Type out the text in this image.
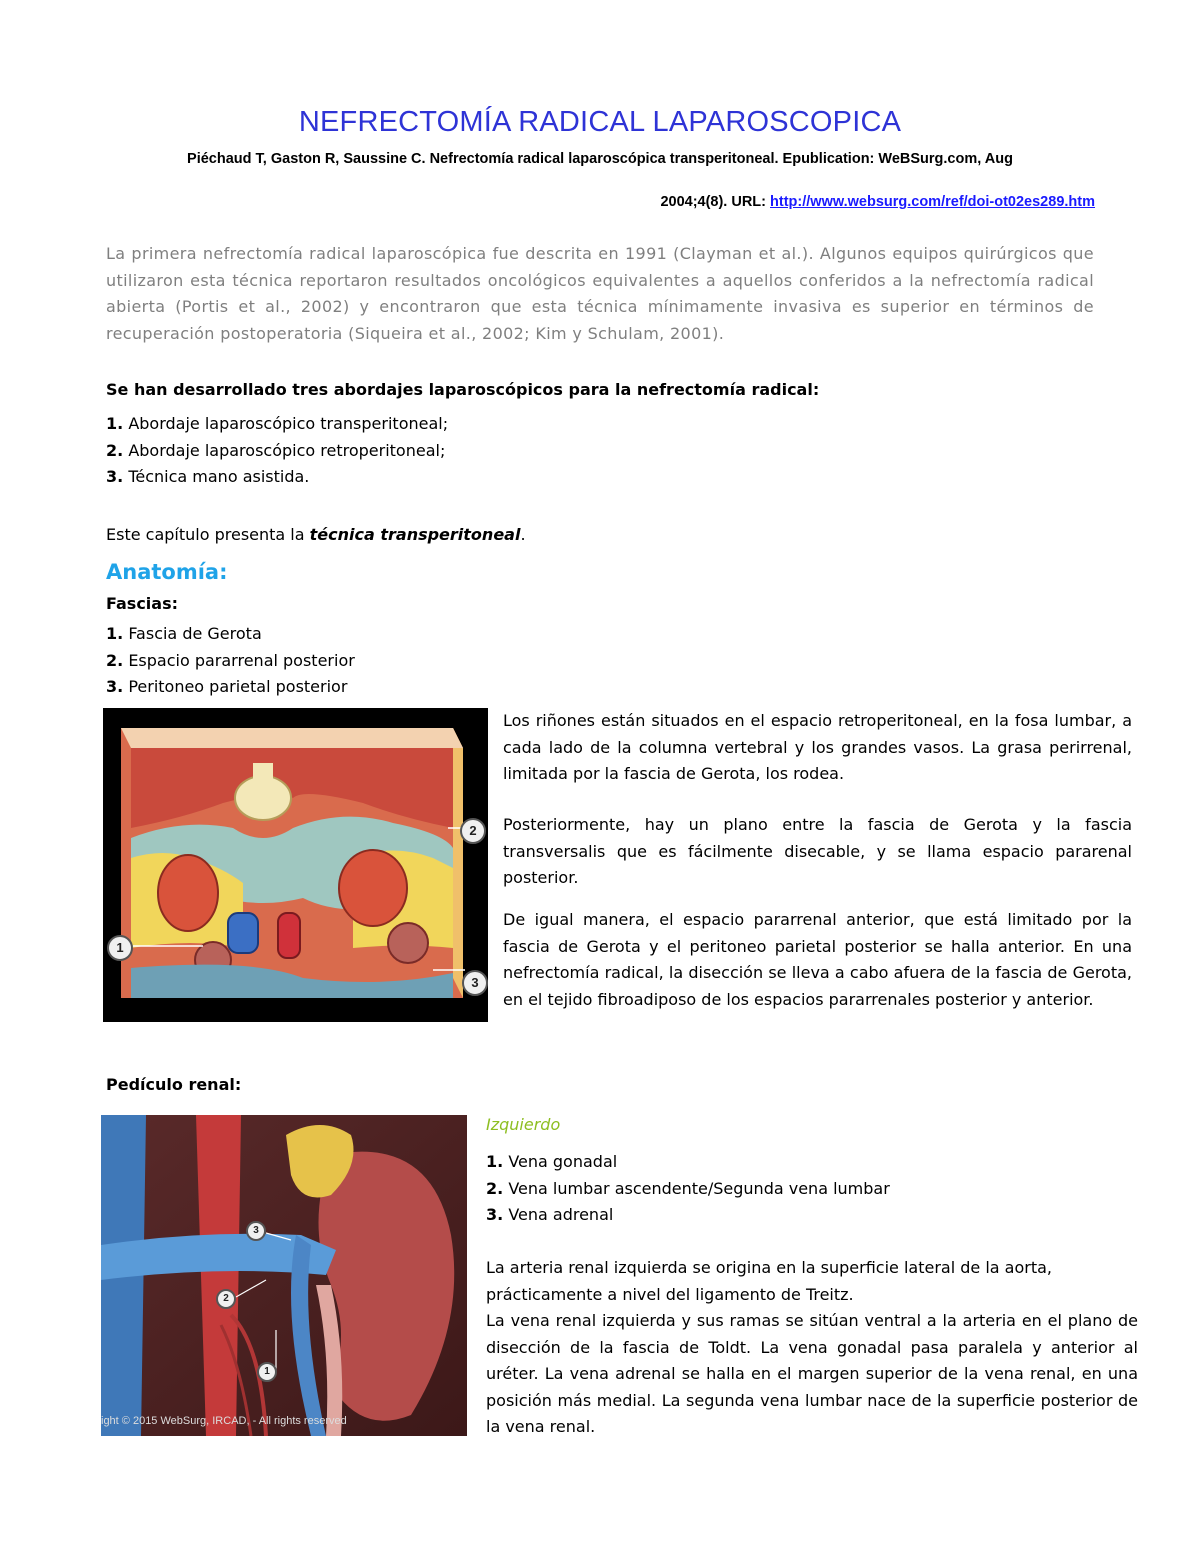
NEFRECTOMÍA RADICAL LAPAROSCOPICA
Piéchaud T, Gaston R, Saussine C. Nefrectomía radical laparoscópica transperitoneal. Epublication: WeBSurg.com, Aug
2004;4(8). URL: http://www.websurg.com/ref/doi-ot02es289.htm
La primera nefrectomía radical laparoscópica fue descrita en 1991 (Clayman et al.). Algunos equipos quirúrgicos que utilizaron esta técnica reportaron resultados oncológicos equivalentes a aquellos conferidos a la nefrectomía radical abierta (Portis et al., 2002) y encontraron que esta técnica mínimamente invasiva es superior en términos de recuperación postoperatoria (Siqueira et al., 2002; Kim y Schulam, 2001).
Se han desarrollado tres abordajes laparoscópicos para la nefrectomía radical:
1. Abordaje laparoscópico transperitoneal;
2. Abordaje laparoscópico retroperitoneal;
3. Técnica mano asistida.
Este capítulo presenta la técnica transperitoneal.
Anatomía:
Fascias:
1. Fascia de Gerota
2. Espacio pararrenal posterior
3. Peritoneo parietal posterior
1
2
3
Los riñones están situados en el espacio retroperitoneal, en la fosa lumbar, a cada lado de la columna vertebral y los grandes vasos. La grasa perirrenal, limitada por la fascia de Gerota, los rodea.
Posteriormente, hay un plano entre la fascia de Gerota y la fascia transversalis que es fácilmente disecable, y se llama espacio pararenal posterior.
De igual manera, el espacio pararrenal anterior, que está limitado por la fascia de Gerota y el peritoneo parietal posterior se halla anterior. En una nefrectomía radical, la disección se lleva a cabo afuera de la fascia de Gerota, en el tejido fibroadiposo de los espacios pararrenales posterior y anterior.
Pedículo renal:
3
2
1
ight © 2015 WebSurg, IRCAD, - All rights reserved
Izquierdo
1. Vena gonadal
2. Vena lumbar ascendente/Segunda vena lumbar
3. Vena adrenal
La arteria renal izquierda se origina en la superficie lateral de la aorta, prácticamente a nivel del ligamento de Treitz.
La vena renal izquierda y sus ramas se sitúan ventral a la arteria en el plano de disección de la fascia de Toldt. La vena gonadal pasa paralela y anterior al uréter. La vena adrenal se halla en el margen superior de la vena renal, en una posición más medial. La segunda vena lumbar nace de la superficie posterior de la vena renal.
